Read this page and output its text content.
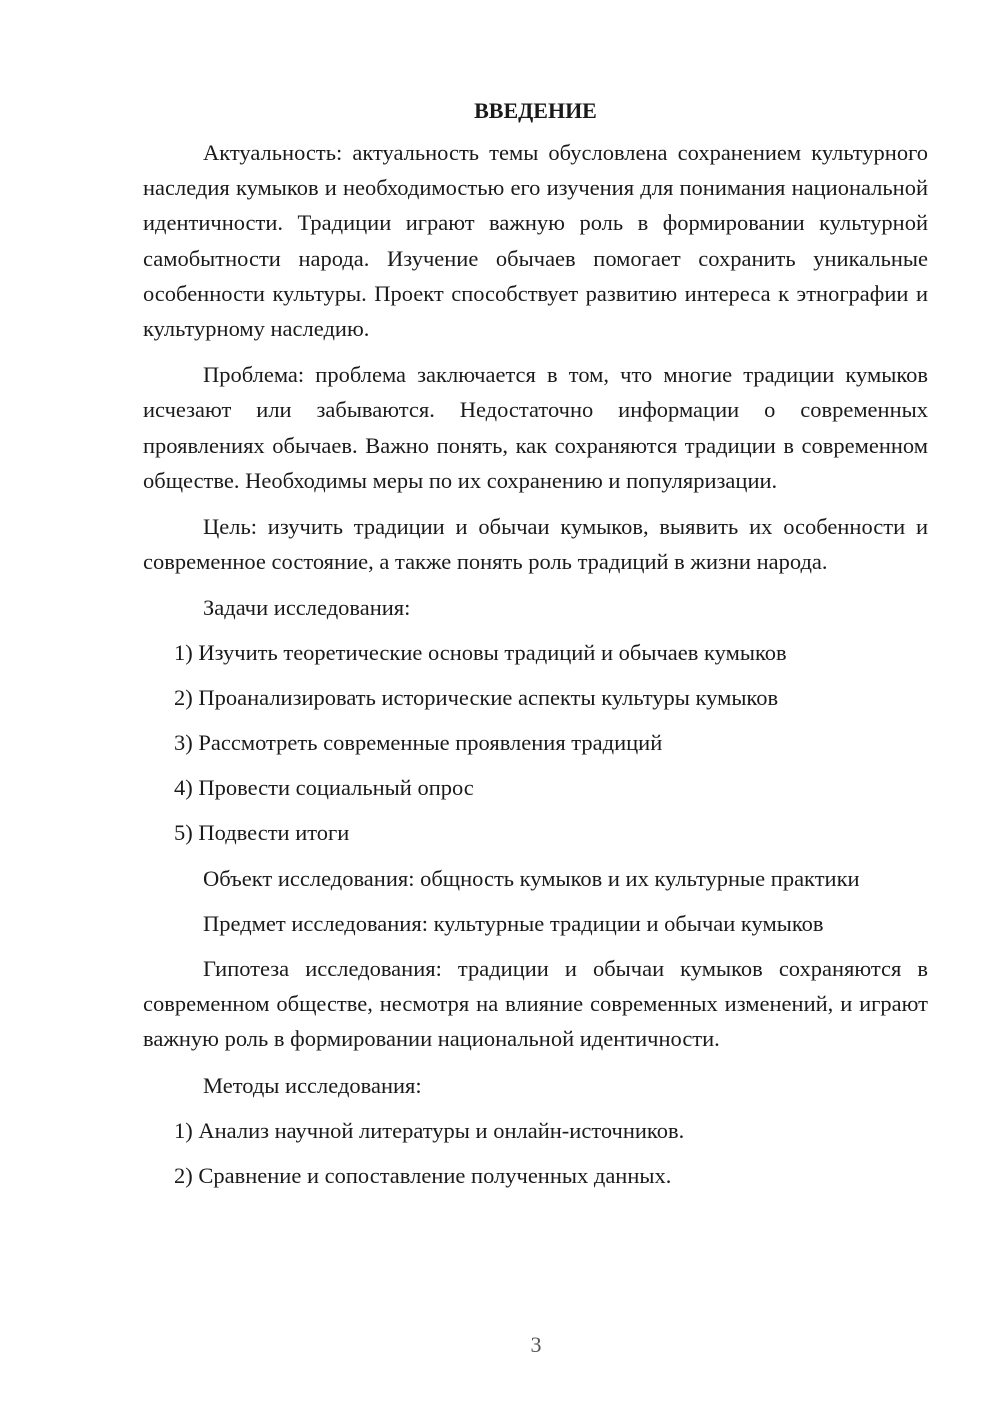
ВВЕДЕНИЕ

Актуальность: актуальность темы обусловлена сохранением культурного наследия кумыков и необходимостью его изучения для понимания национальной идентичности. Традиции играют важную роль в формировании культурной самобытности народа. Изучение обычаев помогает сохранить уникальные особенности культуры. Проект способствует развитию интереса к этнографии и культурному наследию.

Проблема: проблема заключается в том, что многие традиции кумыков исчезают или забываются. Недостаточно информации о современных проявлениях обычаев. Важно понять, как сохраняются традиции в современном обществе. Необходимы меры по их сохранению и популяризации.

Цель: изучить традиции и обычаи кумыков, выявить их особенности и современное состояние, а также понять роль традиций в жизни народа.

Задачи исследования:

1) Изучить теоретические основы традиций и обычаев кумыков

2) Проанализировать исторические аспекты культуры кумыков

3) Рассмотреть современные проявления традиций

4) Провести социальный опрос

5) Подвести итоги

Объект исследования: общность кумыков и их культурные практики

Предмет исследования: культурные традиции и обычаи кумыков

Гипотеза исследования: традиции и обычаи кумыков сохраняются в современном обществе, несмотря на влияние современных изменений, и играют важную роль в формировании национальной идентичности.

Методы исследования:

1) Анализ научной литературы и онлайн-источников.

2) Сравнение и сопоставление полученных данных.

3
